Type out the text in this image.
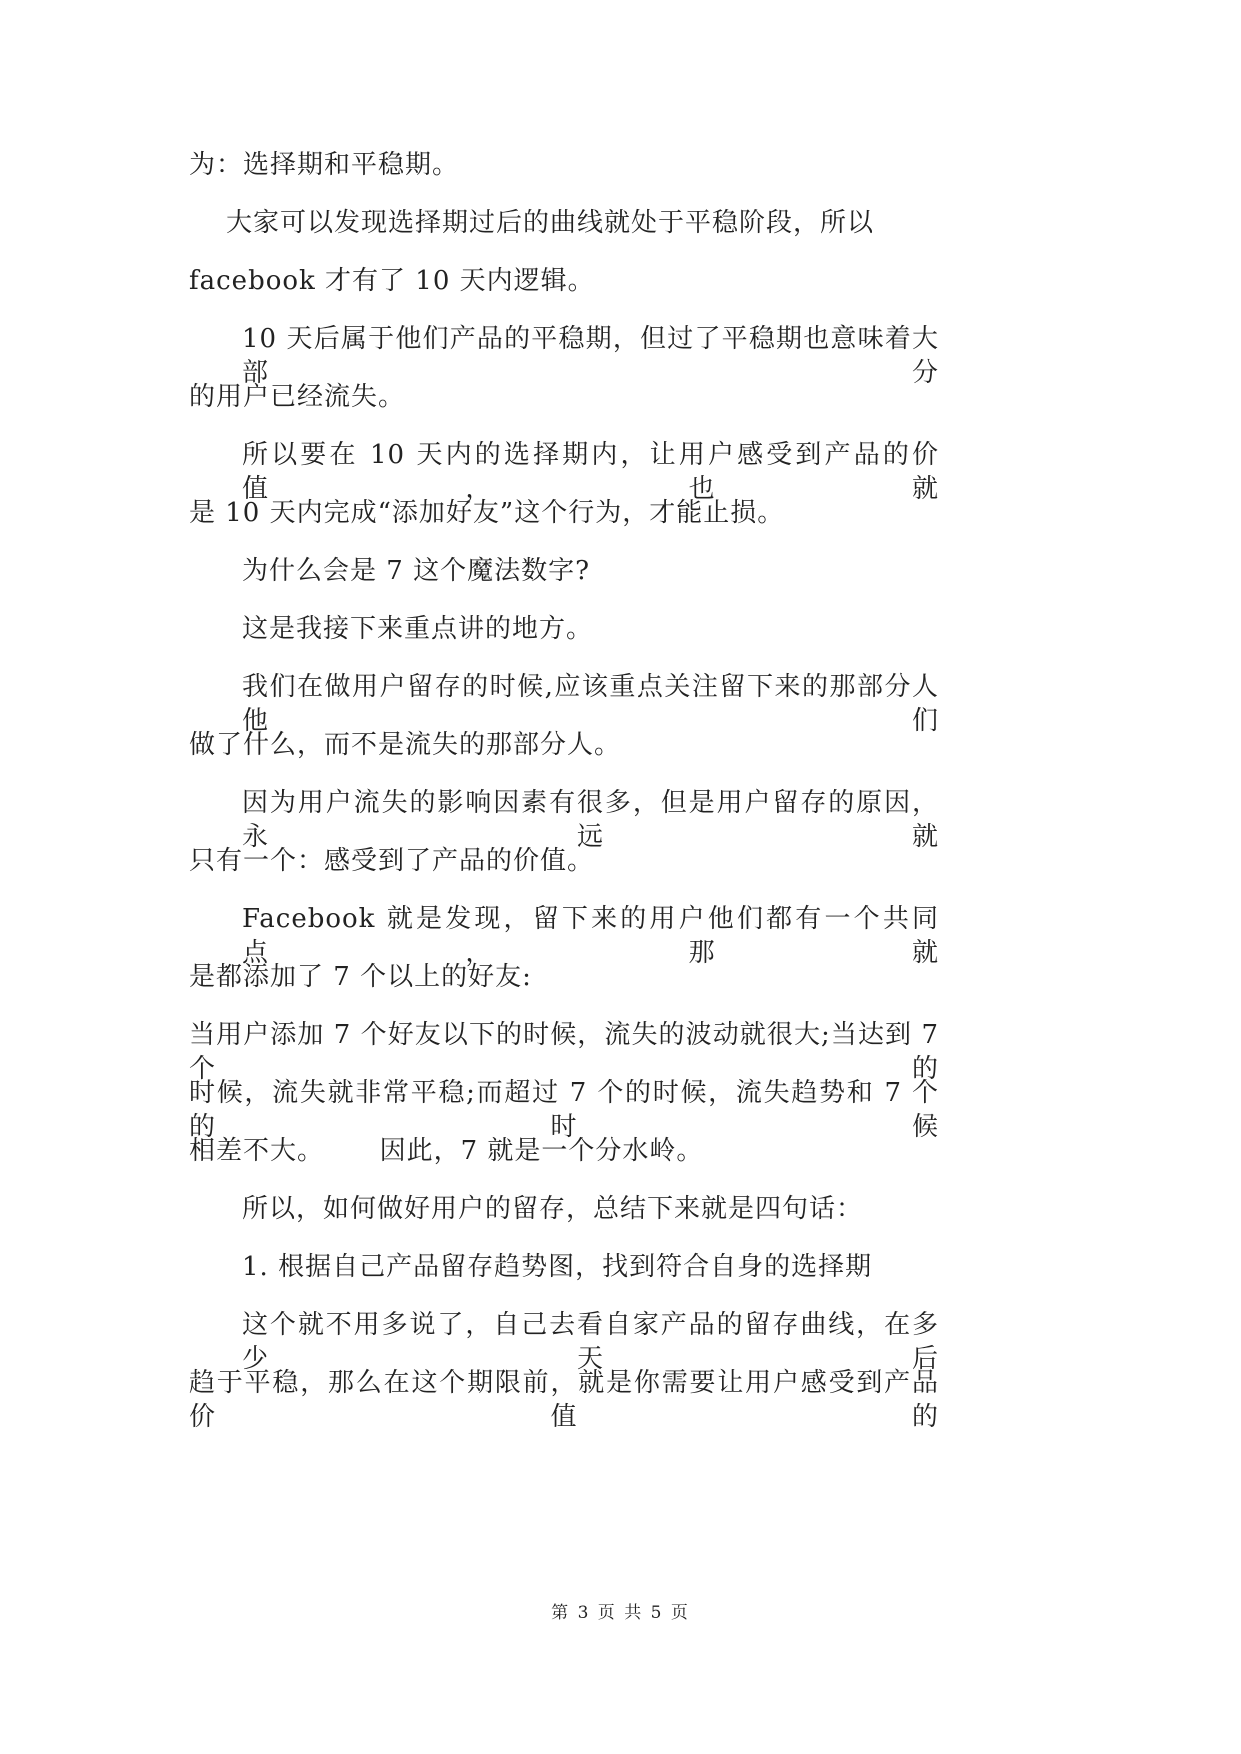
为：选择期和平稳期。
大家可以发现选择期过后的曲线就处于平稳阶段，所以
facebook 才有了 10 天内逻辑。
10 天后属于他们产品的平稳期，但过了平稳期也意味着大部分
的用户已经流失。
所以要在 10 天内的选择期内，让用户感受到产品的价值，也就
是 10 天内完成“添加好友”这个行为，才能止损。
为什么会是 7 这个魔法数字?
这是我接下来重点讲的地方。
我们在做用户留存的时候,应该重点关注留下来的那部分人他们
做了什么，而不是流失的那部分人。
因为用户流失的影响因素有很多，但是用户留存的原因，永远就
只有一个：感受到了产品的价值。
Facebook 就是发现，留下来的用户他们都有一个共同点，那就
是都添加了 7 个以上的好友:
当用户添加 7 个好友以下的时候，流失的波动就很大;当达到 7 个的
时候，流失就非常平稳;而超过 7 个的时候，流失趋势和 7 个的时候
相差不大。      因此，7 就是一个分水岭。
所以，如何做好用户的留存，总结下来就是四句话：
1. 根据自己产品留存趋势图，找到符合自身的选择期
这个就不用多说了，自己去看自家产品的留存曲线，在多少天后
趋于平稳，那么在这个期限前，就是你需要让用户感受到产品价值的
第 3 页 共 5 页
